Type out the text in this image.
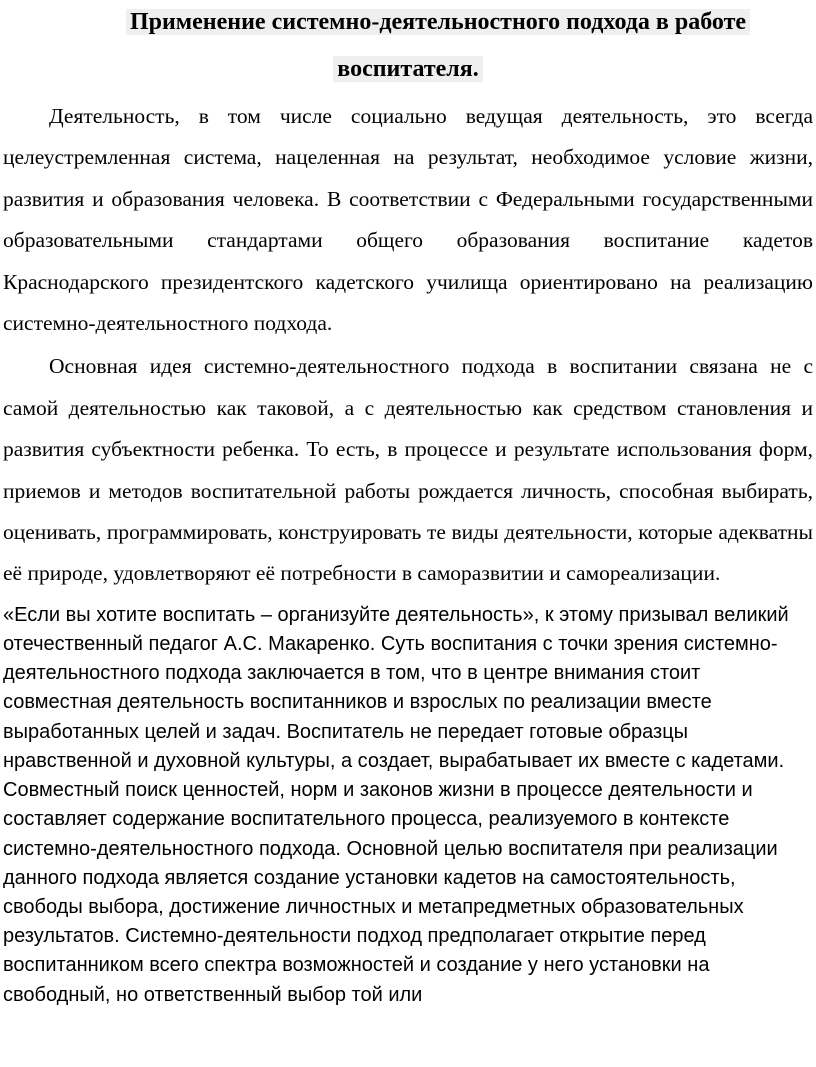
Применение системно-деятельностного подхода в работе
воспитателя.

Деятельность, в том числе социально ведущая деятельность, это всегда целеустремленная система, нацеленная на результат, необходимое условие жизни, развития и образования человека. В соответствии с Федеральными государственными образовательными стандартами общего образования воспитание кадетов Краснодарского президентского кадетского училища ориентировано на реализацию системно-деятельностного подхода.

Основная идея системно-деятельностного подхода в воспитании связана не с самой деятельностью как таковой, а с деятельностью как средством становления и развития субъектности ребенка. То есть, в процессе и результате использования форм, приемов и методов воспитательной работы рождается личность, способная выбирать, оценивать, программировать, конструировать те виды деятельности, которые адекватны её природе, удовлетворяют её потребности в саморазвитии и самореализации.

«Если вы хотите воспитать – организуйте деятельность», к этому призывал великий отечественный педагог А.С. Макаренко. Суть воспитания с точки зрения системно-деятельностного подхода заключается в том, что в центре внимания стоит совместная деятельность воспитанников и взрослых по реализации вместе выработанных целей и задач. Воспитатель не передает готовые образцы нравственной и духовной культуры, а создает, вырабатывает их вместе с кадетами. Совместный поиск ценностей, норм и законов жизни в процессе деятельности и составляет содержание воспитательного процесса, реализуемого в контексте системно-деятельностного подхода. Основной целью воспитателя при реализации данного подхода является создание установки кадетов на самостоятельность, свободы выбора, достижение личностных и метапредметных образовательных результатов. Системно-деятельности подход предполагает открытие перед воспитанником всего спектра возможностей и создание у него установки на свободный, но ответственный выбор той или
